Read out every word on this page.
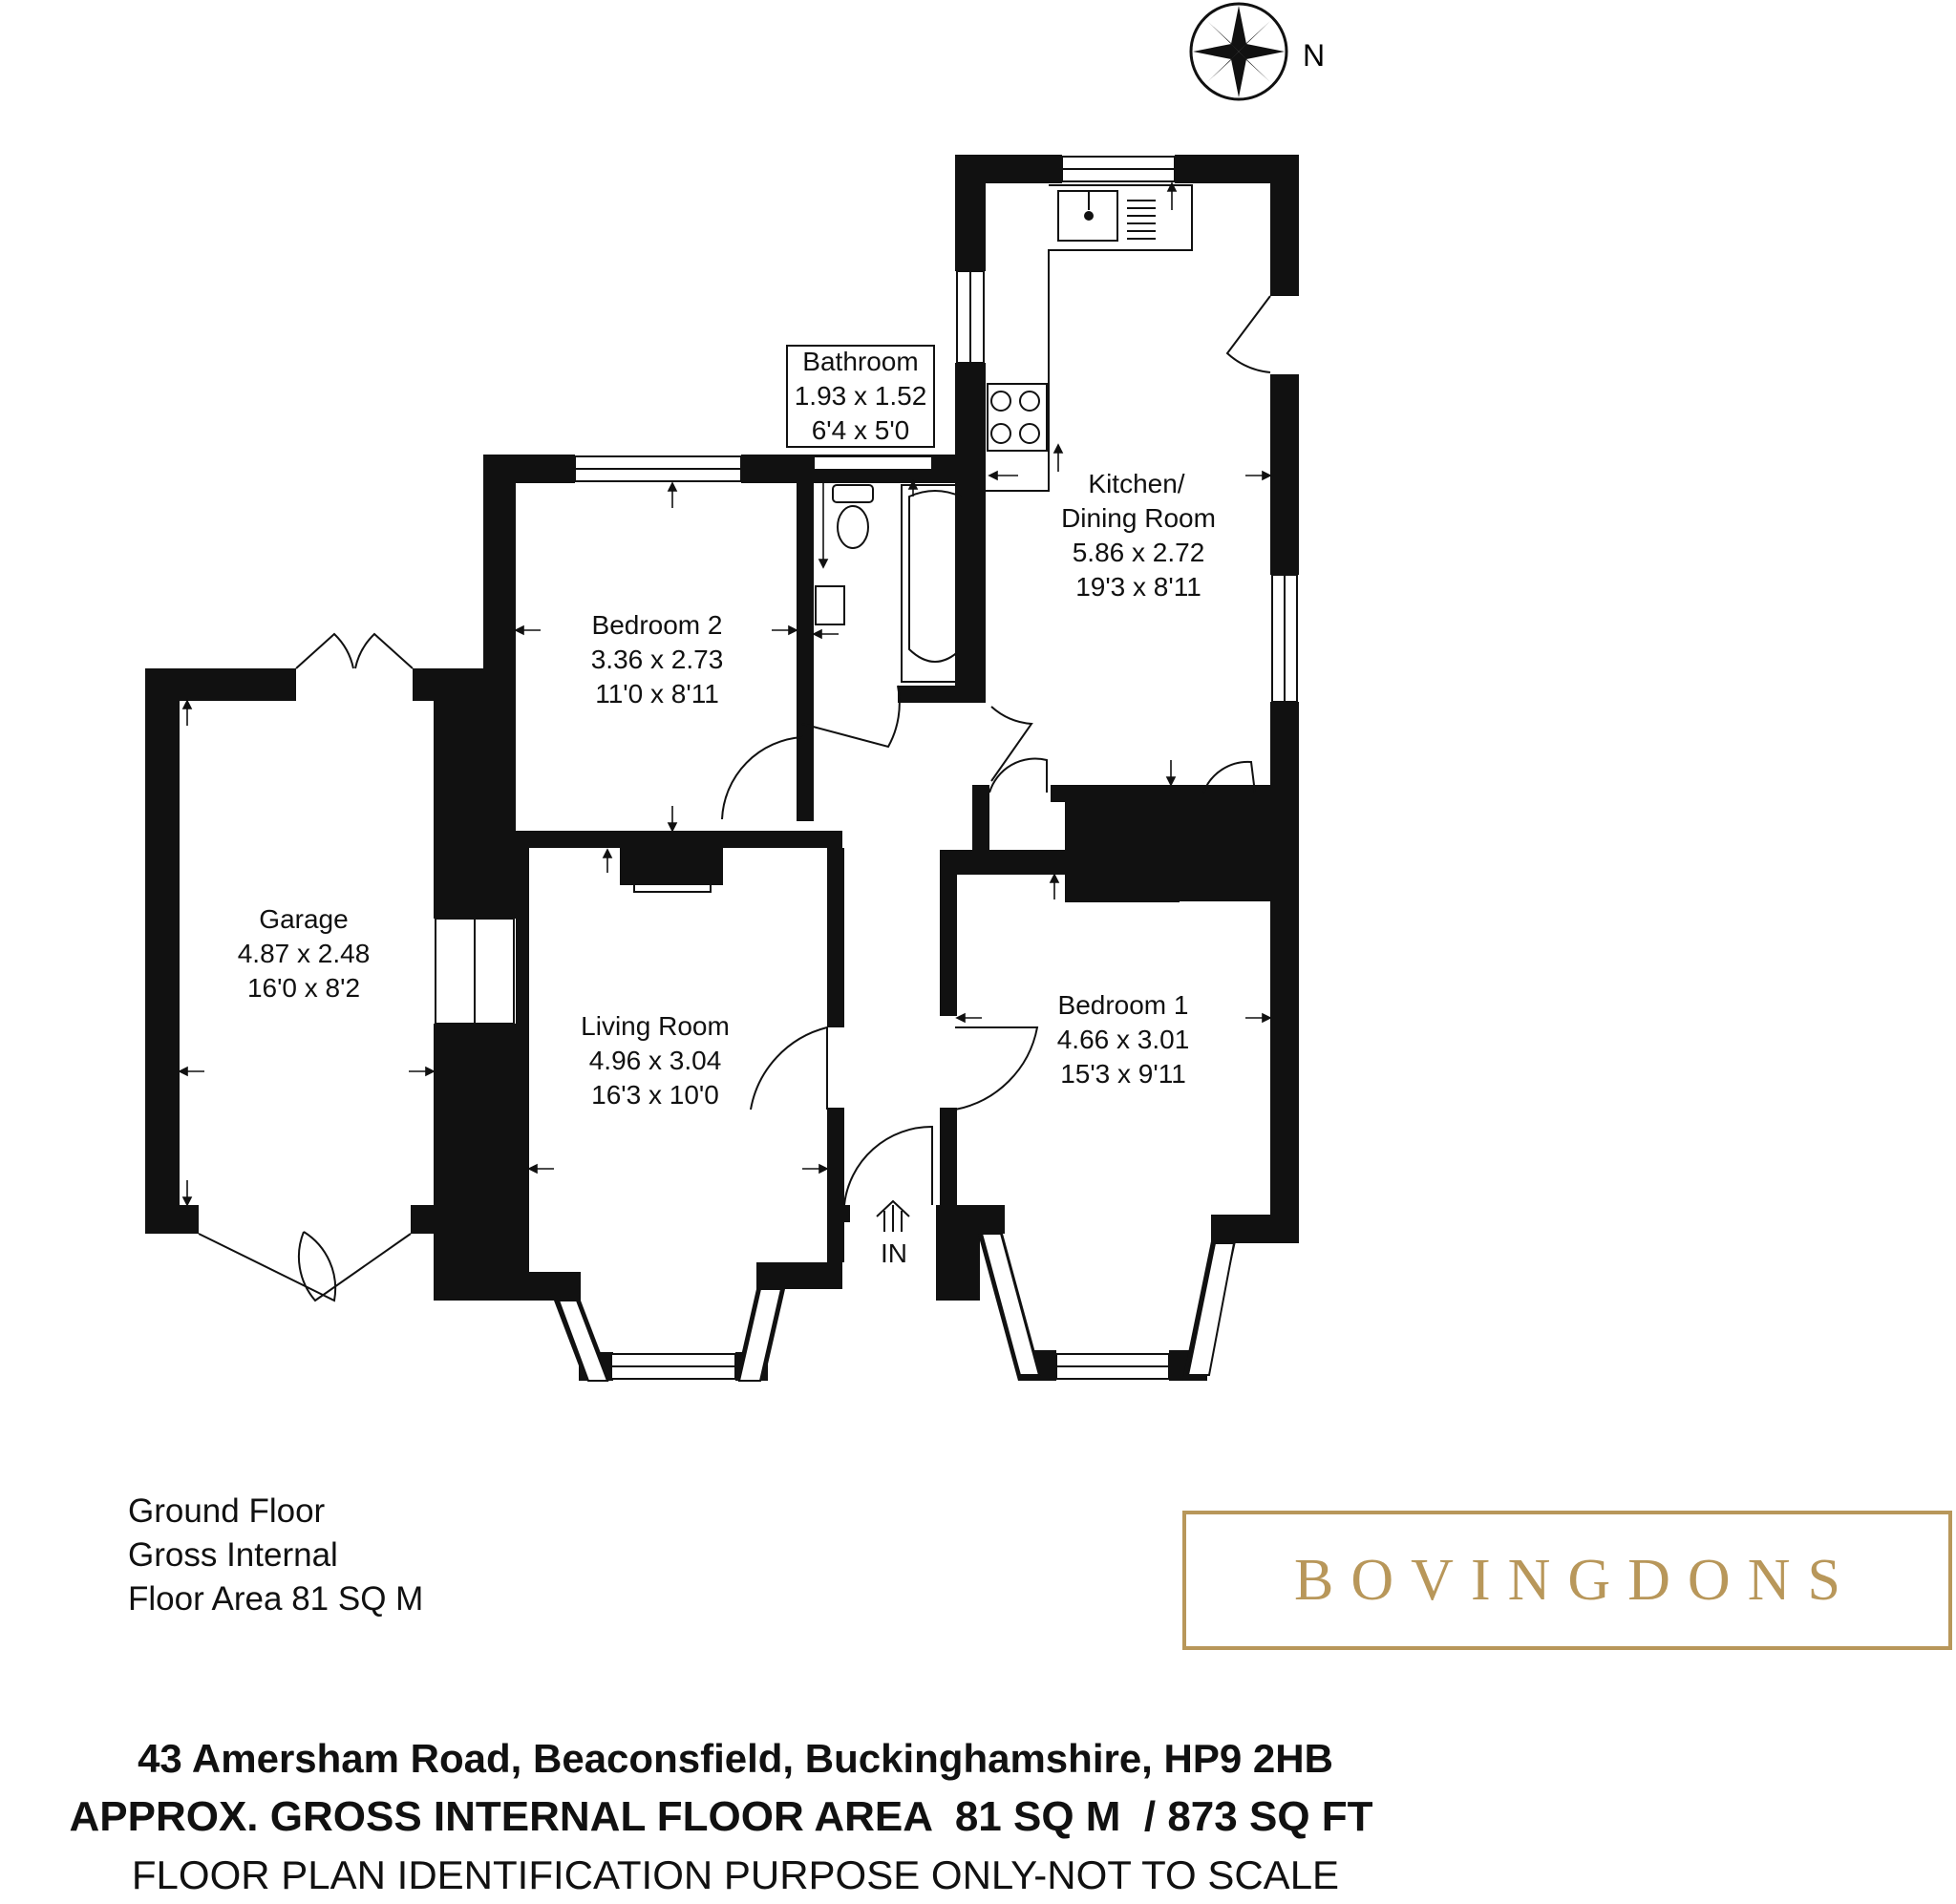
N
IN
Bathroom
1.93 x 1.52
6'4 x 5'0
Kitchen/
Dining Room
5.86 x 2.72
19'3 x 8'11
Bedroom 2
3.36 x 2.73
11'0 x 8'11
Garage
4.87 x 2.48
16'0 x 8'2
Living Room
4.96 x 3.04
16'3 x 10'0
Bedroom 1
4.66 x 3.01
15'3 x 9'11
Ground Floor
Gross Internal
Floor Area 81 SQ M	BOVINGDONS
43 Amersham Road, Beaconsfield, Buckinghamshire, HP9 2HB
APPROX. GROSS INTERNAL FLOOR AREA  81 SQ M  / 873 SQ FT
FLOOR PLAN IDENTIFICATION PURPOSE ONLY-NOT TO SCALE
